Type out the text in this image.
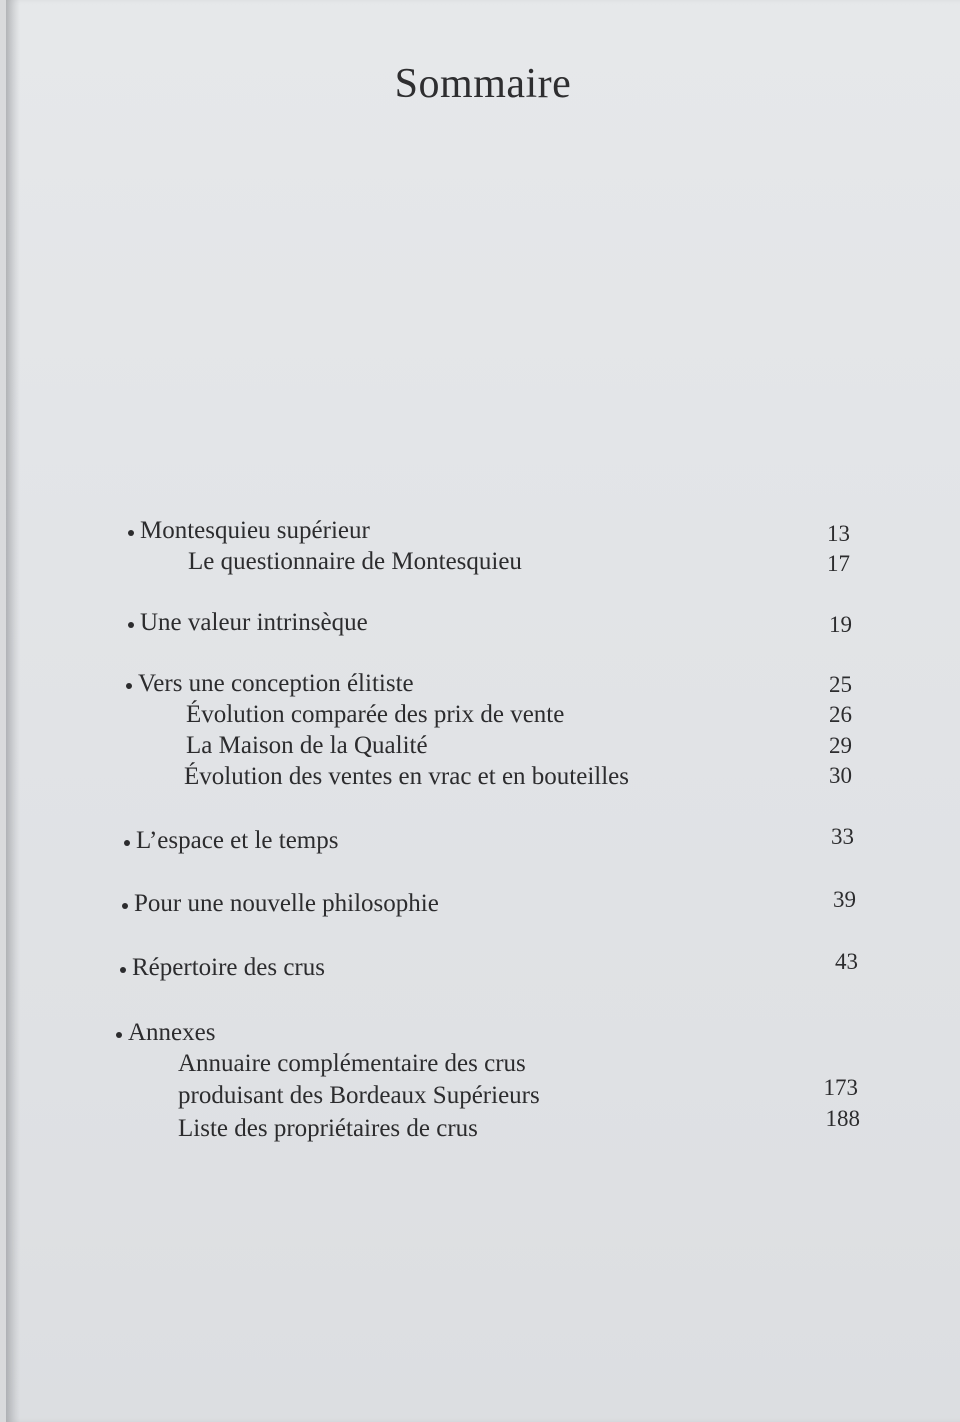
Sommaire
Montesquieu supérieur	13
Le questionnaire de Montesquieu	17
Une valeur intrinsèque	19
Vers une conception élitiste	25
Évolution comparée des prix de vente	26
La Maison de la Qualité	29
Évolution des ventes en vrac et en bouteilles	30
L’espace et le temps	33
Pour une nouvelle philosophie	39
Répertoire des crus	43
Annexes
Annuaire complémentaire des crus
produisant des Bordeaux Supérieurs	173
Liste des propriétaires de crus	188
